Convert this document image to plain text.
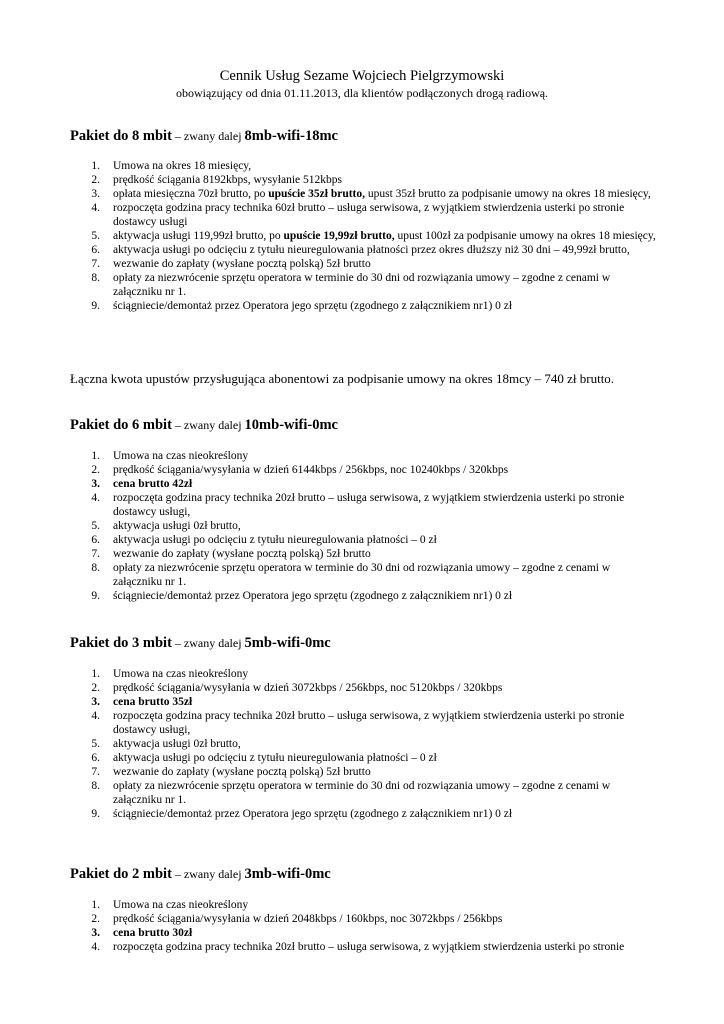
Cennik Usług Sezame Wojciech Pielgrzymowski
obowiązujący od dnia 01.11.2013, dla klientów podłączonych drogą radiową.
Pakiet do 8 mbit – zwany dalej 8mb-wifi-18mc
1. Umowa na okres 18 miesięcy,
2. prędkość ściągania 8192kbps, wysyłanie 512kbps
3. opłata miesięczna 70zł brutto, po upuście 35zł brutto, upust 35zł brutto za podpisanie umowy na okres 18 miesięcy,
4. rozpoczęta godzina pracy technika 60zł brutto – usługa serwisowa, z wyjątkiem stwierdzenia usterki po stronie dostawcy usługi
5. aktywacja usługi 119,99zł brutto, po upuście 19,99zł brutto, upust 100zł za podpisanie umowy na okres 18 miesięcy,
6. aktywacja usługi po odcięciu z tytułu nieuregulowania płatności przez okres dłuższy niż 30 dni – 49,99zł brutto,
7. wezwanie do zapłaty (wysłane pocztą polską) 5zł brutto
8. opłaty za niezwrócenie sprzętu operatora w terminie do 30 dni od rozwiązania umowy – zgodne z cenami w załączniku nr 1.
9. ściągniecie/demontaż przez Operatora jego sprzętu (zgodnego z załącznikiem nr1) 0 zł
Łączna kwota upustów przysługująca abonentowi za podpisanie umowy na okres 18mcy – 740 zł brutto.
Pakiet do 6 mbit – zwany dalej 10mb-wifi-0mc
1. Umowa na czas nieokreślony
2. prędkość ściągania/wysyłania w dzień 6144kbps / 256kbps, noc 10240kbps / 320kbps
3. cena brutto 42zł
4. rozpoczęta godzina pracy technika 20zł brutto – usługa serwisowa, z wyjątkiem stwierdzenia usterki po stronie dostawcy usługi,
5. aktywacja usługi 0zł brutto,
6. aktywacja usługi po odcięciu z tytułu nieuregulowania płatności – 0 zł
7. wezwanie do zapłaty (wysłane pocztą polską) 5zł brutto
8. opłaty za niezwrócenie sprzętu operatora w terminie do 30 dni od rozwiązania umowy – zgodne z cenami w załączniku nr 1.
9. ściągniecie/demontaż przez Operatora jego sprzętu (zgodnego z załącznikiem nr1) 0 zł
Pakiet do 3 mbit – zwany dalej 5mb-wifi-0mc
1. Umowa na czas nieokreślony
2. prędkość ściągania/wysyłania w dzień 3072kbps / 256kbps, noc 5120kbps / 320kbps
3. cena brutto 35zł
4. rozpoczęta godzina pracy technika 20zł brutto – usługa serwisowa, z wyjątkiem stwierdzenia usterki po stronie dostawcy usługi,
5. aktywacja usługi 0zł brutto,
6. aktywacja usługi po odcięciu z tytułu nieuregulowania płatności – 0 zł
7. wezwanie do zapłaty (wysłane pocztą polską) 5zł brutto
8. opłaty za niezwrócenie sprzętu operatora w terminie do 30 dni od rozwiązania umowy – zgodne z cenami w załączniku nr 1.
9. ściągniecie/demontaż przez Operatora jego sprzętu (zgodnego z załącznikiem nr1) 0 zł
Pakiet do 2 mbit – zwany dalej 3mb-wifi-0mc
1. Umowa na czas nieokreślony
2. prędkość ściągania/wysyłania w dzień 2048kbps / 160kbps, noc 3072kbps / 256kbps
3. cena brutto 30zł
4. rozpoczęta godzina pracy technika 20zł brutto – usługa serwisowa, z wyjątkiem stwierdzenia usterki po stronie
